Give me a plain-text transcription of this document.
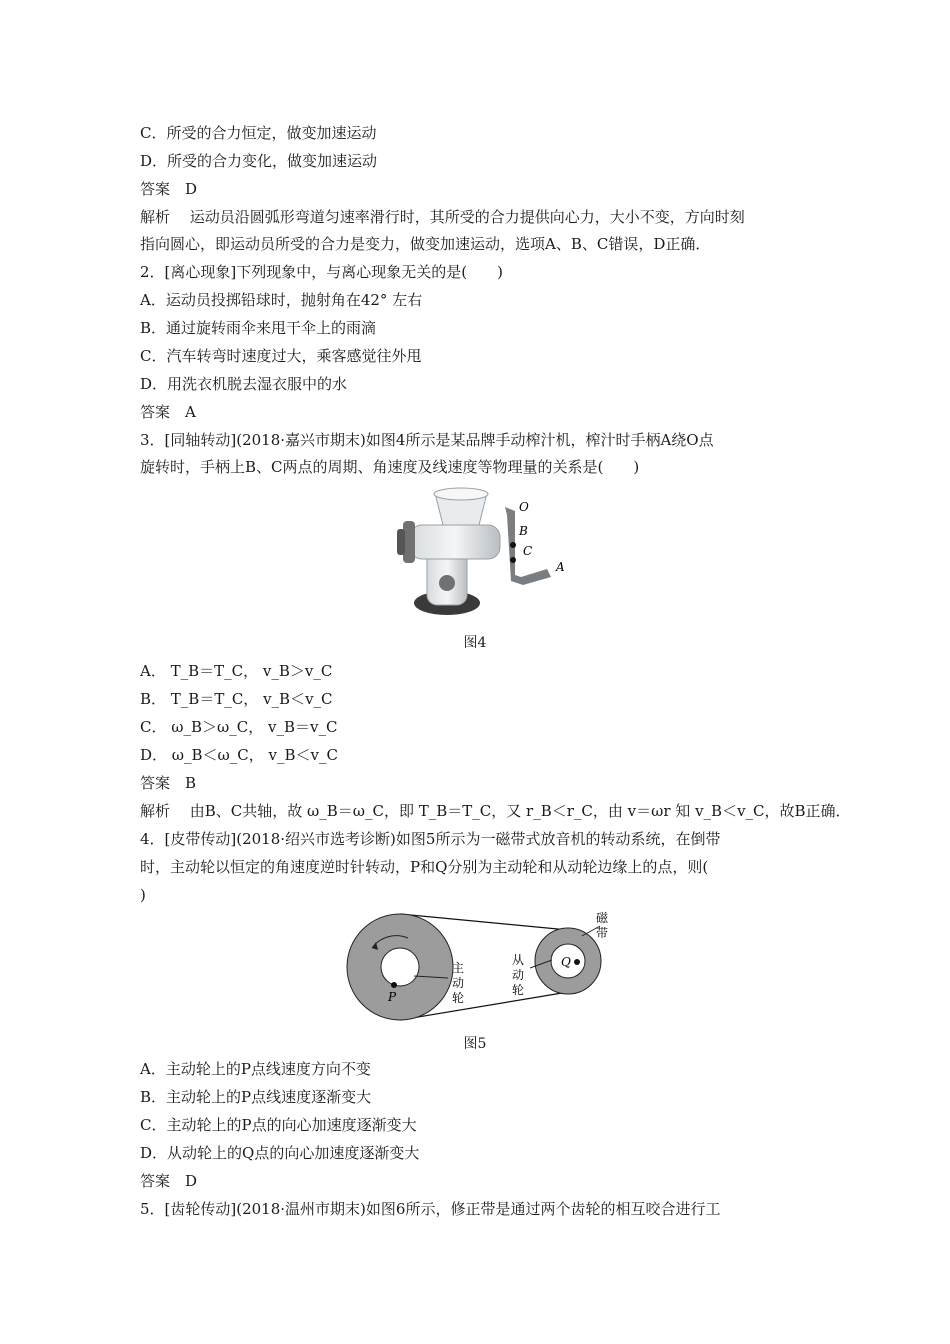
C．所受的合力恒定，做变加速运动
D．所受的合力变化，做变加速运动
答案　D
解析　 运动员沿圆弧形弯道匀速率滑行时，其所受的合力提供向心力，大小不变，方向时刻
指向圆心，即运动员所受的合力是变力，做变加速运动，选项A、B、C错误，D正确．
2．[离心现象]下列现象中，与离心现象无关的是(　　)
A．运动员投掷铅球时，抛射角在42° 左右
B．通过旋转雨伞来甩干伞上的雨滴
C．汽车转弯时速度过大，乘客感觉往外甩
D．用洗衣机脱去湿衣服中的水
答案　A
3．[同轴转动](2018·嘉兴市期末)如图4所示是某品牌手动榨汁机，榨汁时手柄A绕O点
旋转时，手柄上B、C两点的周期、角速度及线速度等物理量的关系是(　　)
O
B
C
A
图4
A． T_B＝T_C， v_B＞v_C
B． T_B＝T_C， v_B＜v_C
C． ω_B＞ω_C， v_B＝v_C
D． ω_B＜ω_C， v_B＜v_C
答案　B
解析　 由B、C共轴，故 ω_B＝ω_C，即 T_B＝T_C，又 r_B＜r_C，由 v＝ωr 知 v_B＜v_C，故B正确．
4．[皮带传动](2018·绍兴市选考诊断)如图5所示为一磁带式放音机的转动系统，在倒带
时，主动轮以恒定的角速度逆时针转动，P和Q分别为主动轮和从动轮边缘上的点，则(
)
P
主
动
轮
Q
从
动
轮
磁
带
图5
A．主动轮上的P点线速度方向不变
B．主动轮上的P点线速度逐渐变大
C．主动轮上的P点的向心加速度逐渐变大
D．从动轮上的Q点的向心加速度逐渐变大
答案　D
5．[齿轮传动](2018·温州市期末)如图6所示，修正带是通过两个齿轮的相互咬合进行工
